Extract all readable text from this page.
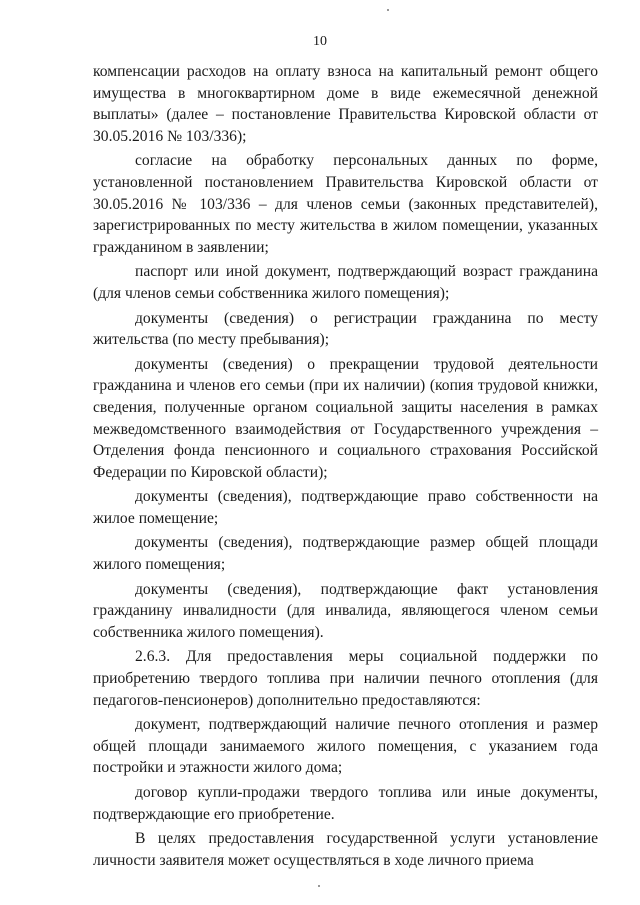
10

компенсации расходов на оплату взноса на капитальный ремонт общего имущества в многоквартирном доме в виде ежемесячной денежной выплаты» (далее – постановление Правительства Кировской области от 30.05.2016 № 103/336);

согласие на обработку персональных данных по форме, установленной постановлением Правительства Кировской области от 30.05.2016 № 103/336 – для членов семьи (законных представителей), зарегистрированных по месту жительства в жилом помещении, указанных гражданином в заявлении;

паспорт или иной документ, подтверждающий возраст гражданина (для членов семьи собственника жилого помещения);

документы (сведения) о регистрации гражданина по месту жительства (по месту пребывания);

документы (сведения) о прекращении трудовой деятельности гражданина и членов его семьи (при их наличии) (копия трудовой книжки, сведения, полученные органом социальной защиты населения в рамках межведомственного взаимодействия от Государственного учреждения – Отделения фонда пенсионного и социального страхования Российской Федерации по Кировской области);

документы (сведения), подтверждающие право собственности на жилое помещение;

документы (сведения), подтверждающие размер общей площади жилого помещения;

документы (сведения), подтверждающие факт установления гражданину инвалидности (для инвалида, являющегося членом семьи собственника жилого помещения).

2.6.3. Для предоставления меры социальной поддержки по приобретению твердого топлива при наличии печного отопления (для педагогов-пенсионеров) дополнительно предоставляются:

документ, подтверждающий наличие печного отопления и размер общей площади занимаемого жилого помещения, с указанием года постройки и этажности жилого дома;

договор купли-продажи твердого топлива или иные документы, подтверждающие его приобретение.

В целях предоставления государственной услуги установление личности заявителя может осуществляться в ходе личного приема
